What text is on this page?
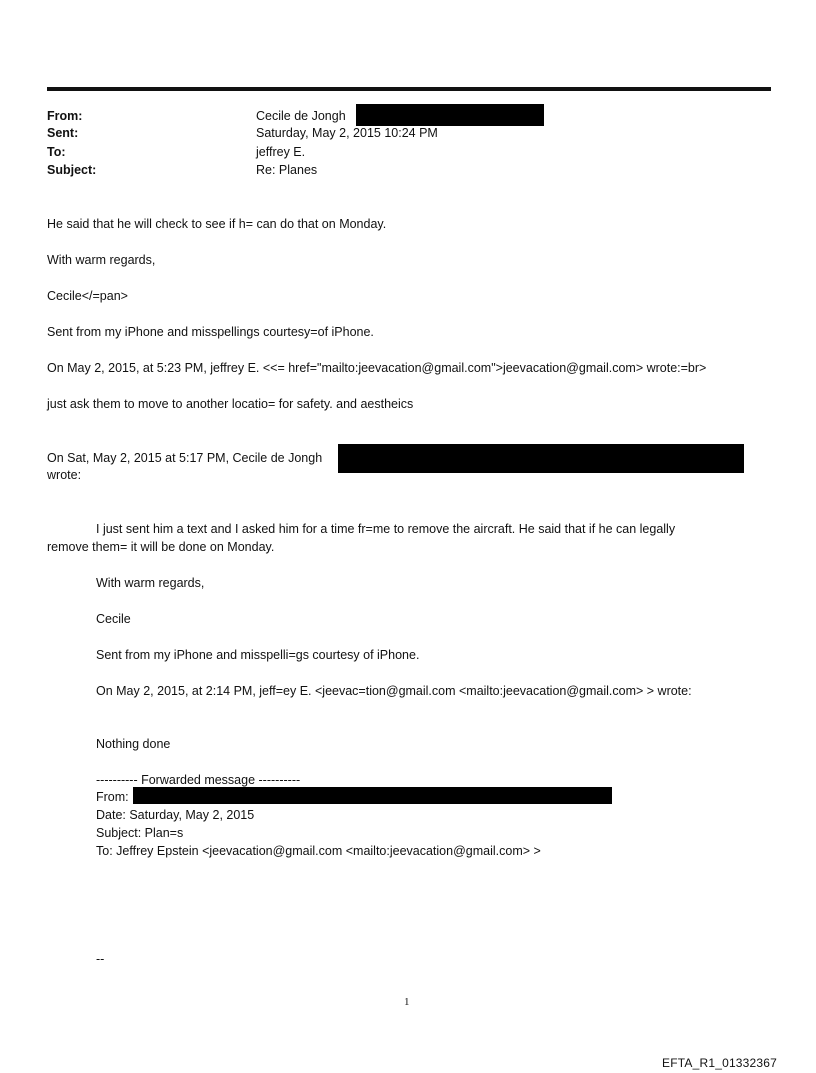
From:	Cecile de Jongh
Sent:	Saturday, May 2, 2015 10:24 PM
To:	jeffrey E.
Subject:	Re: Planes
He said that he will check to see if h= can do that on Monday.
With warm regards,
Cecile</=pan>
Sent from my iPhone and misspellings courtesy=of iPhone.
On May 2, 2015, at 5:23 PM, jeffrey E. <<= href="mailto:jeevacation@gmail.com">jeevacation@gmail.com> wrote:=br>
just ask them to move to another locatio= for safety. and aestheics
On Sat, May 2, 2015 at 5:17 PM, Cecile de Jongh
wrote:
I just sent him a text and I asked him for a time fr=me to remove the aircraft. He said that if he can legally
remove them= it will be done on Monday.
With warm regards,
Cecile
Sent from my iPhone and misspelli=gs courtesy of iPhone.
On May 2, 2015, at 2:14 PM, jeff=ey E. <jeevac=tion@gmail.com <mailto:jeevacation@gmail.com> > wrote:
Nothing done
---------- Forwarded message ----------
From:
Date: Saturday, May 2, 2015
Subject: Plan=s
To: Jeffrey Epstein <jeevacation@gmail.com <mailto:jeevacation@gmail.com> >
--
1
EFTA_R1_01332367
